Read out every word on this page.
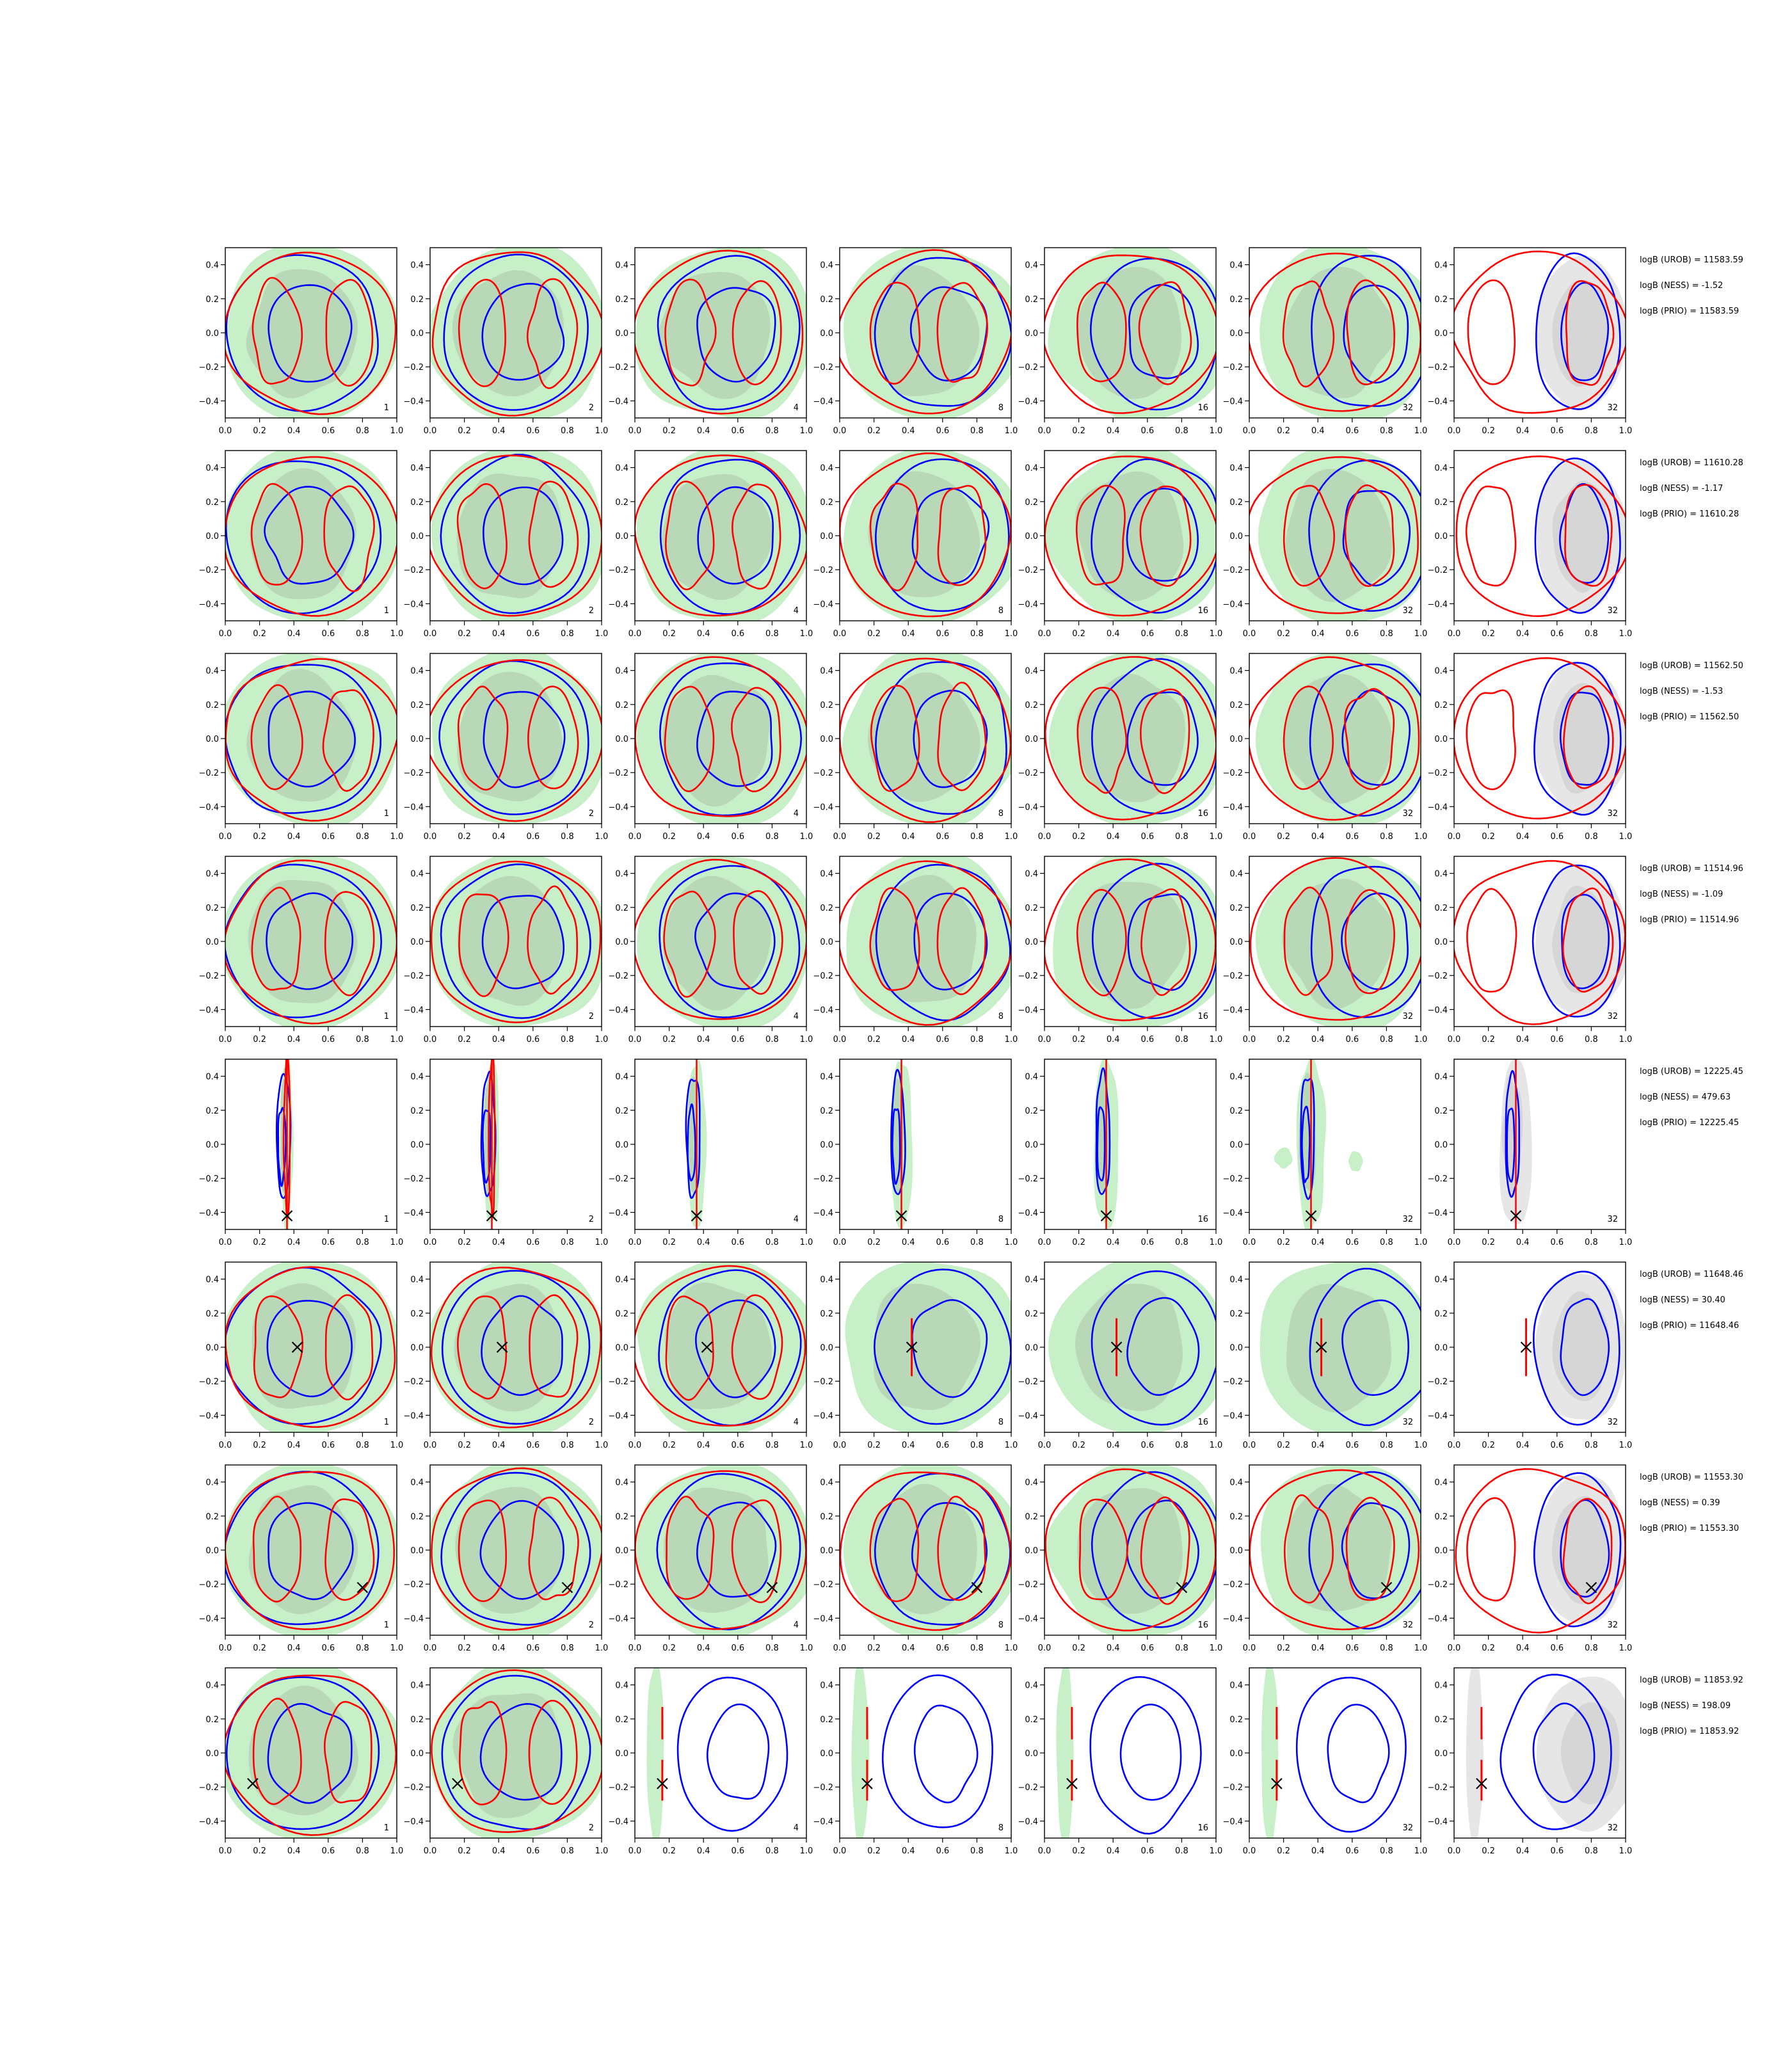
0.0	0.2	0.4	0.6	0.8	1.0
−0.4
−0.2
0.0
0.2
0.4
1
0.0	0.2	0.4	0.6	0.8	1.0
−0.4
−0.2
0.0
0.2
0.4
2
0.0	0.2	0.4	0.6	0.8	1.0
−0.4
−0.2
0.0
0.2
0.4
4
0.0	0.2	0.4	0.6	0.8	1.0
−0.4
−0.2
0.0
0.2
0.4
8
0.0	0.2	0.4	0.6	0.8	1.0
−0.4
−0.2
0.0
0.2
0.4
16
0.0	0.2	0.4	0.6	0.8	1.0
−0.4
−0.2
0.0
0.2
0.4
32
0.0	0.2	0.4	0.6	0.8	1.0
−0.4
−0.2
0.0
0.2
0.4
32
logB (UROB) = 11583.59
logB (NESS) = -1.52
logB (PRIO) = 11583.59
0.0	0.2	0.4	0.6	0.8	1.0
−0.4
−0.2
0.0
0.2
0.4
1
0.0	0.2	0.4	0.6	0.8	1.0
−0.4
−0.2
0.0
0.2
0.4
2
0.0	0.2	0.4	0.6	0.8	1.0
−0.4
−0.2
0.0
0.2
0.4
4
0.0	0.2	0.4	0.6	0.8	1.0
−0.4
−0.2
0.0
0.2
0.4
8
0.0	0.2	0.4	0.6	0.8	1.0
−0.4
−0.2
0.0
0.2
0.4
16
0.0	0.2	0.4	0.6	0.8	1.0
−0.4
−0.2
0.0
0.2
0.4
32
0.0	0.2	0.4	0.6	0.8	1.0
−0.4
−0.2
0.0
0.2
0.4
32
logB (UROB) = 11610.28
logB (NESS) = -1.17
logB (PRIO) = 11610.28
0.0	0.2	0.4	0.6	0.8	1.0
−0.4
−0.2
0.0
0.2
0.4
1
0.0	0.2	0.4	0.6	0.8	1.0
−0.4
−0.2
0.0
0.2
0.4
2
0.0	0.2	0.4	0.6	0.8	1.0
−0.4
−0.2
0.0
0.2
0.4
4
0.0	0.2	0.4	0.6	0.8	1.0
−0.4
−0.2
0.0
0.2
0.4
8
0.0	0.2	0.4	0.6	0.8	1.0
−0.4
−0.2
0.0
0.2
0.4
16
0.0	0.2	0.4	0.6	0.8	1.0
−0.4
−0.2
0.0
0.2
0.4
32
0.0	0.2	0.4	0.6	0.8	1.0
−0.4
−0.2
0.0
0.2
0.4
32
logB (UROB) = 11562.50
logB (NESS) = -1.53
logB (PRIO) = 11562.50
0.0	0.2	0.4	0.6	0.8	1.0
−0.4
−0.2
0.0
0.2
0.4
1
0.0	0.2	0.4	0.6	0.8	1.0
−0.4
−0.2
0.0
0.2
0.4
2
0.0	0.2	0.4	0.6	0.8	1.0
−0.4
−0.2
0.0
0.2
0.4
4
0.0	0.2	0.4	0.6	0.8	1.0
−0.4
−0.2
0.0
0.2
0.4
8
0.0	0.2	0.4	0.6	0.8	1.0
−0.4
−0.2
0.0
0.2
0.4
16
0.0	0.2	0.4	0.6	0.8	1.0
−0.4
−0.2
0.0
0.2
0.4
32
0.0	0.2	0.4	0.6	0.8	1.0
−0.4
−0.2
0.0
0.2
0.4
32
logB (UROB) = 11514.96
logB (NESS) = -1.09
logB (PRIO) = 11514.96
0.0	0.2	0.4	0.6	0.8	1.0
−0.4
−0.2
0.0
0.2
0.4
1
0.0	0.2	0.4	0.6	0.8	1.0
−0.4
−0.2
0.0
0.2
0.4
2
0.0	0.2	0.4	0.6	0.8	1.0
−0.4
−0.2
0.0
0.2
0.4
4
0.0	0.2	0.4	0.6	0.8	1.0
−0.4
−0.2
0.0
0.2
0.4
8
0.0	0.2	0.4	0.6	0.8	1.0
−0.4
−0.2
0.0
0.2
0.4
16
0.0	0.2	0.4	0.6	0.8	1.0
−0.4
−0.2
0.0
0.2
0.4
32
0.0	0.2	0.4	0.6	0.8	1.0
−0.4
−0.2
0.0
0.2
0.4
32
logB (UROB) = 12225.45
logB (NESS) = 479.63
logB (PRIO) = 12225.45
0.0	0.2	0.4	0.6	0.8	1.0
−0.4
−0.2
0.0
0.2
0.4
1
0.0	0.2	0.4	0.6	0.8	1.0
−0.4
−0.2
0.0
0.2
0.4
2
0.0	0.2	0.4	0.6	0.8	1.0
−0.4
−0.2
0.0
0.2
0.4
4
0.0	0.2	0.4	0.6	0.8	1.0
−0.4
−0.2
0.0
0.2
0.4
8
0.0	0.2	0.4	0.6	0.8	1.0
−0.4
−0.2
0.0
0.2
0.4
16
0.0	0.2	0.4	0.6	0.8	1.0
−0.4
−0.2
0.0
0.2
0.4
32
0.0	0.2	0.4	0.6	0.8	1.0
−0.4
−0.2
0.0
0.2
0.4
32
logB (UROB) = 11648.46
logB (NESS) = 30.40
logB (PRIO) = 11648.46
0.0	0.2	0.4	0.6	0.8	1.0
−0.4
−0.2
0.0
0.2
0.4
1
0.0	0.2	0.4	0.6	0.8	1.0
−0.4
−0.2
0.0
0.2
0.4
2
0.0	0.2	0.4	0.6	0.8	1.0
−0.4
−0.2
0.0
0.2
0.4
4
0.0	0.2	0.4	0.6	0.8	1.0
−0.4
−0.2
0.0
0.2
0.4
8
0.0	0.2	0.4	0.6	0.8	1.0
−0.4
−0.2
0.0
0.2
0.4
16
0.0	0.2	0.4	0.6	0.8	1.0
−0.4
−0.2
0.0
0.2
0.4
32
0.0	0.2	0.4	0.6	0.8	1.0
−0.4
−0.2
0.0
0.2
0.4
32
logB (UROB) = 11553.30
logB (NESS) = 0.39
logB (PRIO) = 11553.30
0.0	0.2	0.4	0.6	0.8	1.0
−0.4
−0.2
0.0
0.2
0.4
1
0.0	0.2	0.4	0.6	0.8	1.0
−0.4
−0.2
0.0
0.2
0.4
2
0.0	0.2	0.4	0.6	0.8	1.0
−0.4
−0.2
0.0
0.2
0.4
4
0.0	0.2	0.4	0.6	0.8	1.0
−0.4
−0.2
0.0
0.2
0.4
8
0.0	0.2	0.4	0.6	0.8	1.0
−0.4
−0.2
0.0
0.2
0.4
16
0.0	0.2	0.4	0.6	0.8	1.0
−0.4
−0.2
0.0
0.2
0.4
32
0.0	0.2	0.4	0.6	0.8	1.0
−0.4
−0.2
0.0
0.2
0.4
32
logB (UROB) = 11853.92
logB (NESS) = 198.09
logB (PRIO) = 11853.92
